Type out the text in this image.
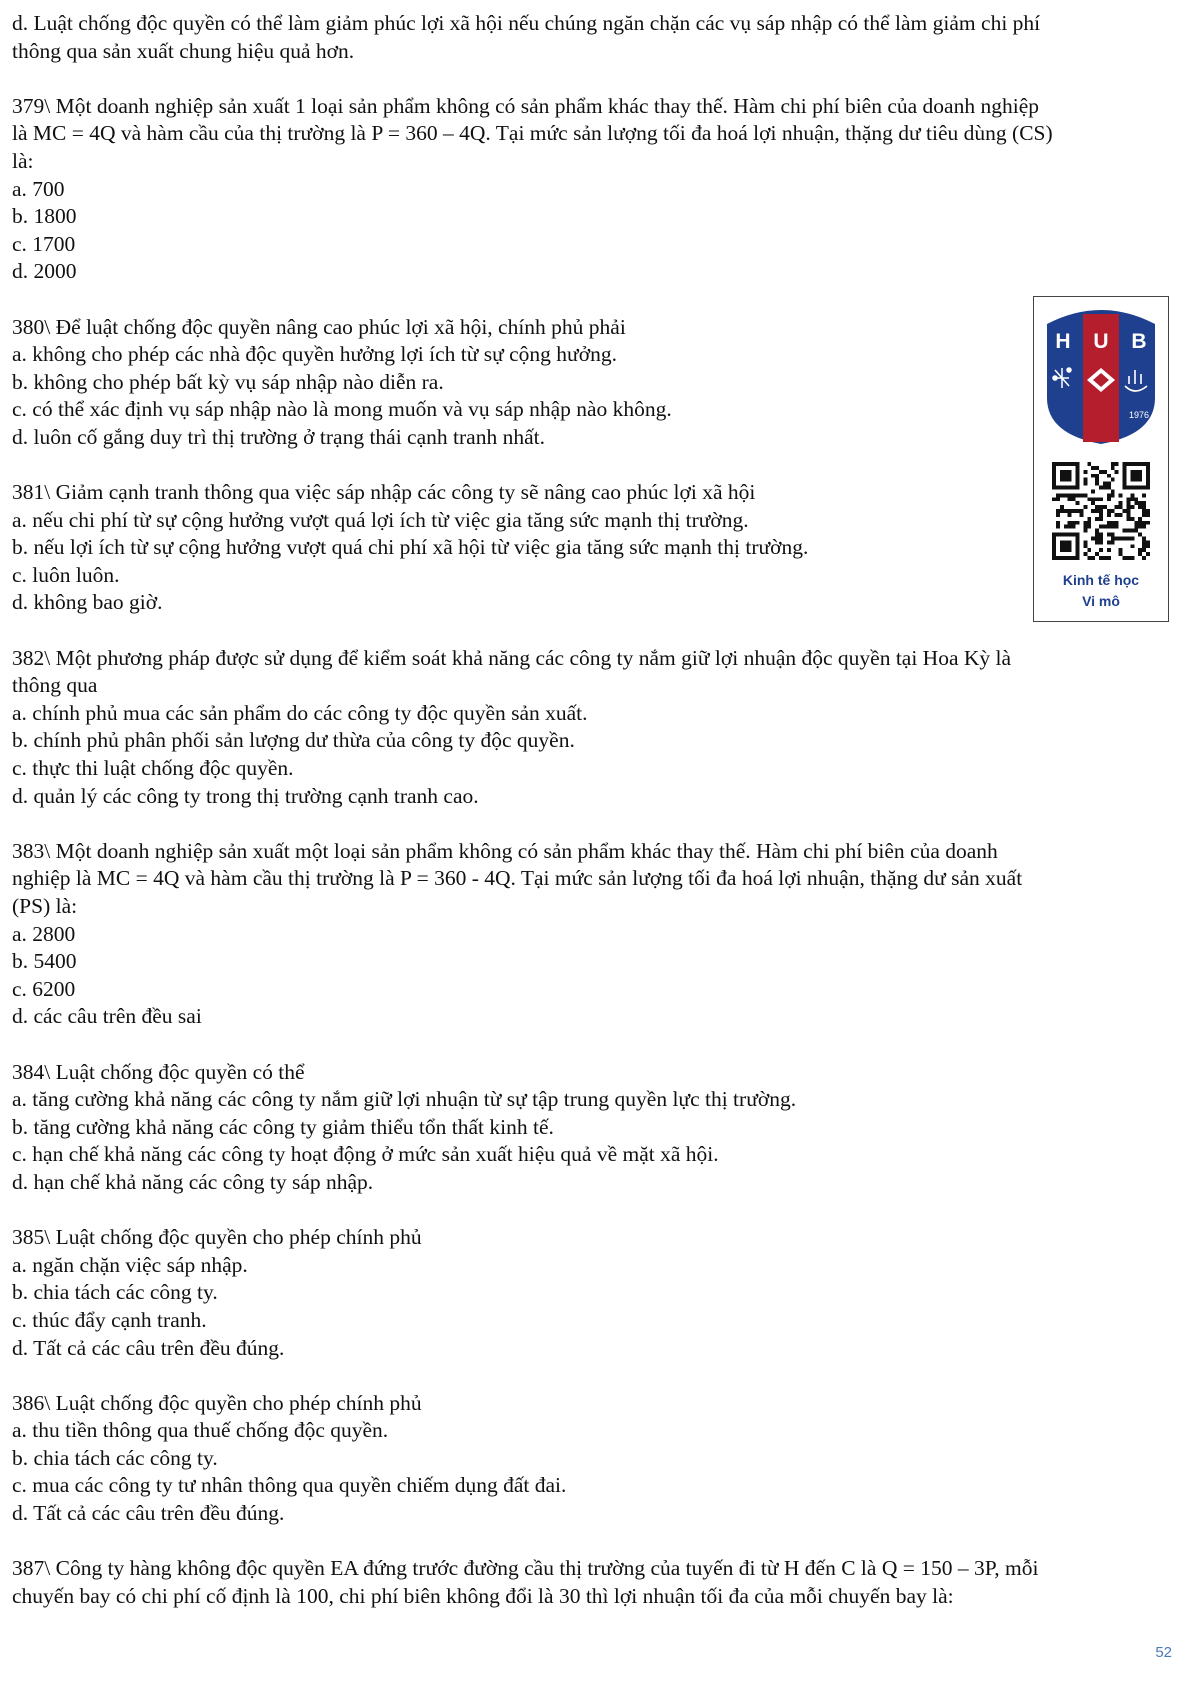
d. Luật chống độc quyền có thể làm giảm phúc lợi xã hội nếu chúng ngăn chặn các vụ sáp nhập có thể làm giảm chi phí
thông qua sản xuất chung hiệu quả hơn.
379\ Một doanh nghiệp sản xuất 1 loại sản phẩm không có sản phẩm khác thay thế. Hàm chi phí biên của doanh nghiệp
là MC = 4Q và hàm cầu của thị trường là P = 360 – 4Q. Tại mức sản lượng tối đa hoá lợi nhuận, thặng dư tiêu dùng (CS)
là:
a. 700
b. 1800
c. 1700
d. 2000
380\ Để luật chống độc quyền nâng cao phúc lợi xã hội, chính phủ phải
a. không cho phép các nhà độc quyền hưởng lợi ích từ sự cộng hưởng.
b. không cho phép bất kỳ vụ sáp nhập nào diễn ra.
c. có thể xác định vụ sáp nhập nào là mong muốn và vụ sáp nhập nào không.
d. luôn cố gắng duy trì thị trường ở trạng thái cạnh tranh nhất.
381\ Giảm cạnh tranh thông qua việc sáp nhập các công ty sẽ nâng cao phúc lợi xã hội
a. nếu chi phí từ sự cộng hưởng vượt quá lợi ích từ việc gia tăng sức mạnh thị trường.
b. nếu lợi ích từ sự cộng hưởng vượt quá chi phí xã hội từ việc gia tăng sức mạnh thị trường.
c. luôn luôn.
d. không bao giờ.
382\ Một phương pháp được sử dụng để kiểm soát khả năng các công ty nắm giữ lợi nhuận độc quyền tại Hoa Kỳ là
thông qua
a. chính phủ mua các sản phẩm do các công ty độc quyền sản xuất.
b. chính phủ phân phối sản lượng dư thừa của công ty độc quyền.
c. thực thi luật chống độc quyền.
d. quản lý các công ty trong thị trường cạnh tranh cao.
383\ Một doanh nghiệp sản xuất một loại sản phẩm không có sản phẩm khác thay thế. Hàm chi phí biên của doanh
nghiệp là MC = 4Q và hàm cầu thị trường là P = 360 - 4Q. Tại mức sản lượng tối đa hoá lợi nhuận, thặng dư sản xuất
(PS) là:
a. 2800
b. 5400
c. 6200
d. các câu trên đều sai
384\ Luật chống độc quyền có thể
a. tăng cường khả năng các công ty nắm giữ lợi nhuận từ sự tập trung quyền lực thị trường.
b. tăng cường khả năng các công ty giảm thiểu tổn thất kinh tế.
c. hạn chế khả năng các công ty hoạt động ở mức sản xuất hiệu quả về mặt xã hội.
d. hạn chế khả năng các công ty sáp nhập.
385\ Luật chống độc quyền cho phép chính phủ
a. ngăn chặn việc sáp nhập.
b. chia tách các công ty.
c. thúc đẩy cạnh tranh.
d. Tất cả các câu trên đều đúng.
386\ Luật chống độc quyền cho phép chính phủ
a. thu tiền thông qua thuế chống độc quyền.
b. chia tách các công ty.
c. mua các công ty tư nhân thông qua quyền chiếm dụng đất đai.
d. Tất cả các câu trên đều đúng.
387\ Công ty hàng không độc quyền EA đứng trước đường cầu thị trường của tuyến đi từ H đến C là Q = 150 – 3P, mỗi
chuyến bay có chi phí cố định là 100, chi phí biên không đổi là 30 thì lợi nhuận tối đa của mỗi chuyến bay là:
H U B
1976
Kinh tế học
Vi mô
52
